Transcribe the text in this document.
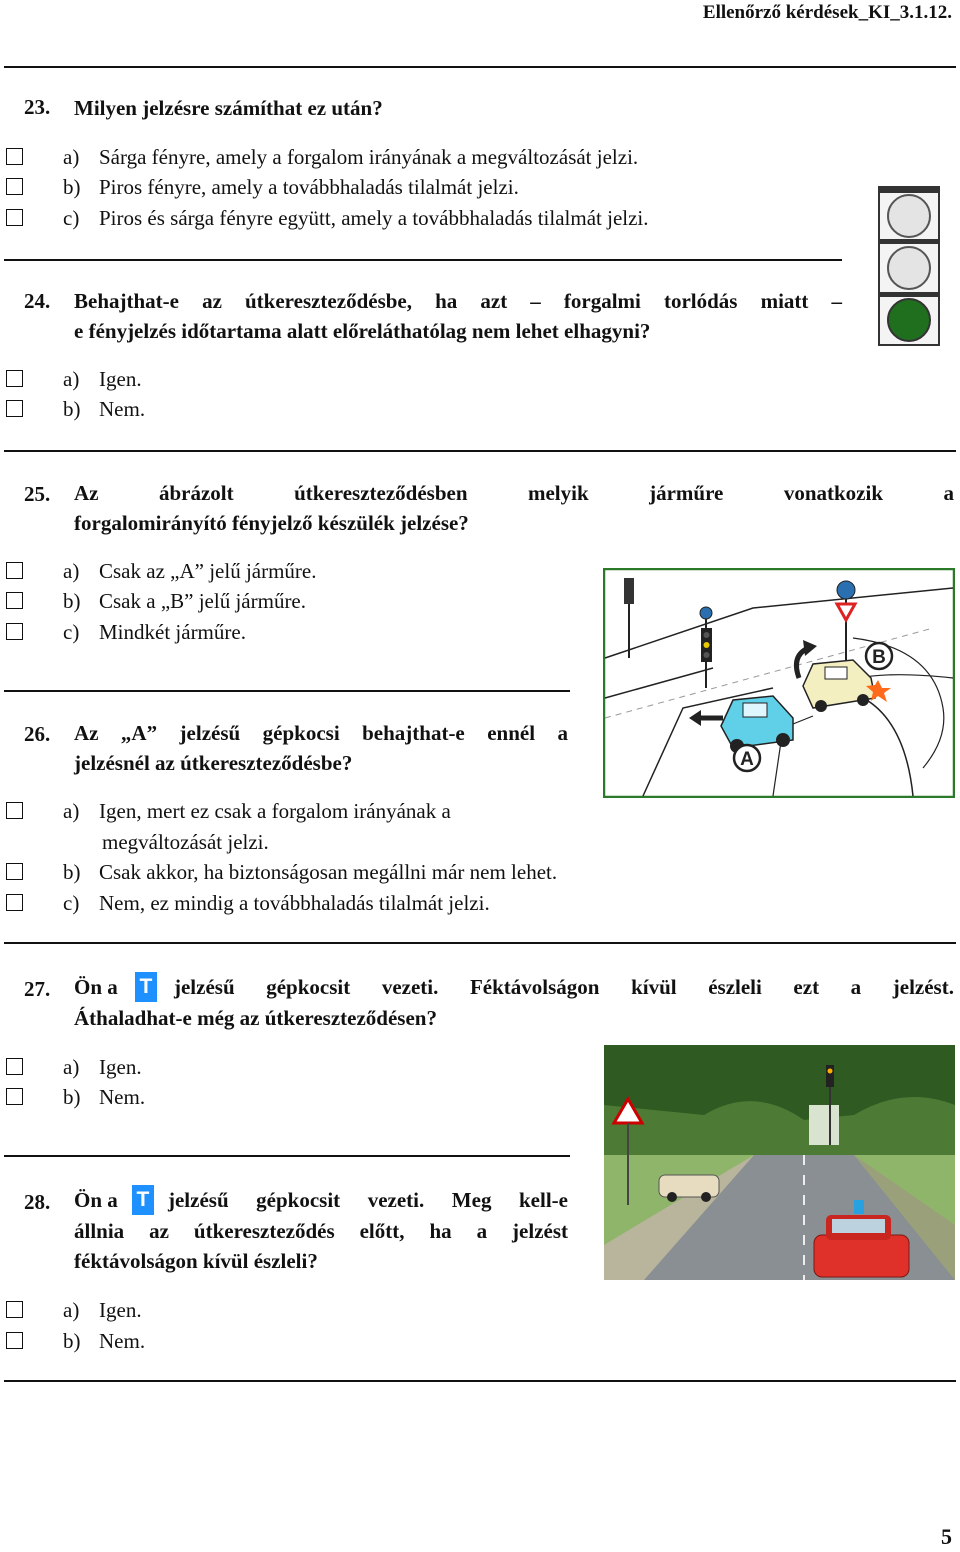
Ellenőrző kérdések_KI_3.1.12.
23. Milyen jelzésre számíthat ez után?
a) Sárga fényre, amely a forgalom irányának a megváltozását jelzi.
b) Piros fényre, amely a továbbhaladás tilalmát jelzi.
c) Piros és sárga fényre együtt, amely a továbbhaladás tilalmát jelzi.
24. Behajthat-e az útkereszteződésbe, ha azt – forgalmi torlódás miatt –
e fényjelzés időtartama alatt előreláthatólag nem lehet elhagyni?
a) Igen.
b) Nem.
25. Az ábrázolt útkereszteződésben melyik járműre vonatkozik a
forgalomirányító fényjelző készülék jelzése?
a) Csak az „A” jelű járműre.
b) Csak a „B” jelű járműre.
c) Mindkét járműre.
B
A
26. Az „A” jelzésű gépkocsi behajthat-e ennél a
jelzésnél az útkereszteződésbe?
a) Igen, mert ez csak a forgalom irányának a
megváltozását jelzi.
b) Csak akkor, ha biztonságosan megállni már nem lehet.
c) Nem, ez mindig a továbbhaladás tilalmát jelzi.
27. Ön a T jelzésű gépkocsit vezeti. Féktávolságon kívül észleli ezt a jelzést.
Áthaladhat-e még az útkereszteződésen?
a) Igen.
b) Nem.
28. Ön a T jelzésű gépkocsit vezeti. Meg kell-e
állnia az útkereszteződés előtt, ha a jelzést
féktávolságon kívül észleli?
a) Igen.
b) Nem.
5
